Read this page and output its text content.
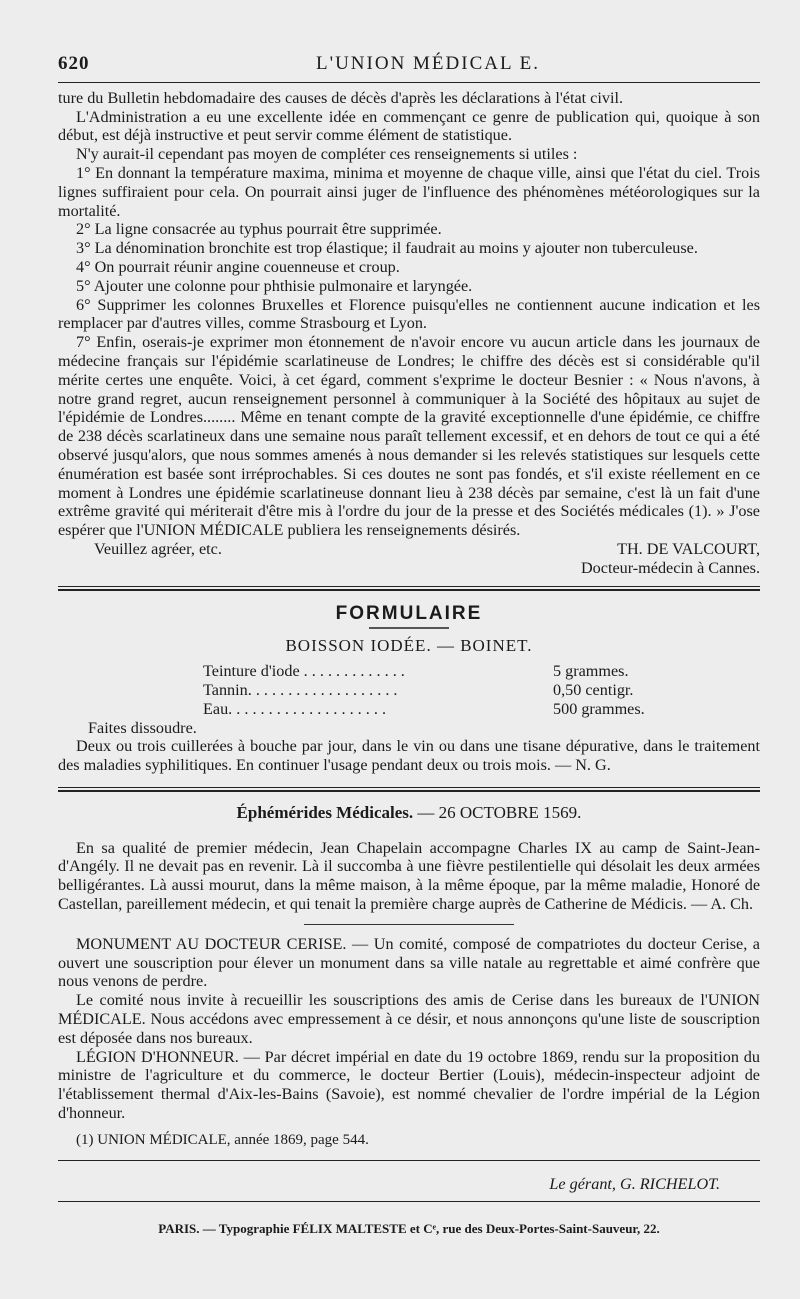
620	L'UNION MÉDICAL E.

ture du Bulletin hebdomadaire des causes de décès d'après les déclarations à l'état civil.

L'Administration a eu une excellente idée en commençant ce genre de publication qui, quoique à son début, est déjà instructive et peut servir comme élément de statistique.

N'y aurait-il cependant pas moyen de compléter ces renseignements si utiles :

1° En donnant la température maxima, minima et moyenne de chaque ville, ainsi que l'état du ciel. Trois lignes suffiraient pour cela. On pourrait ainsi juger de l'influence des phénomènes météorologiques sur la mortalité.

2° La ligne consacrée au typhus pourrait être supprimée.

3° La dénomination bronchite est trop élastique; il faudrait au moins y ajouter non tuberculeuse.

4° On pourrait réunir angine couenneuse et croup.

5° Ajouter une colonne pour phthisie pulmonaire et laryngée.

6° Supprimer les colonnes Bruxelles et Florence puisqu'elles ne contiennent aucune indication et les remplacer par d'autres villes, comme Strasbourg et Lyon.

7° Enfin, oserais-je exprimer mon étonnement de n'avoir encore vu aucun article dans les journaux de médecine français sur l'épidémie scarlatineuse de Londres; le chiffre des décès est si considérable qu'il mérite certes une enquête. Voici, à cet égard, comment s'exprime le docteur Besnier : « Nous n'avons, à notre grand regret, aucun renseignement personnel à communiquer à la Société des hôpitaux au sujet de l'épidémie de Londres........ Même en tenant compte de la gravité exceptionnelle d'une épidémie, ce chiffre de 238 décès scarlatineux dans une semaine nous paraît tellement excessif, et en dehors de tout ce qui a été observé jusqu'alors, que nous sommes amenés à nous demander si les relevés statistiques sur lesquels cette énumération est basée sont irréprochables. Si ces doutes ne sont pas fondés, et s'il existe réellement en ce moment à Londres une épidémie scarlatineuse donnant lieu à 238 décès par semaine, c'est là un fait d'une extrême gravité qui mériterait d'être mis à l'ordre du jour de la presse et des Sociétés médicales (1). » J'ose espérer que l'UNION MÉDICALE publiera les renseignements désirés.

Veuillez agréer, etc.	TH. DE VALCOURT,
Docteur-médecin à Cannes.
FORMULAIRE
BOISSON IODÉE. — BOINET.
Teinture d'iode . . . . . . . . . . . . .	5 grammes.
Tannin. . . . . . . . . . . . . . . . . . .	0,50 centigr.
Eau. . . . . . . . . . . . . . . . . . . .	500 grammes.

Faites dissoudre.

Deux ou trois cuillerées à bouche par jour, dans le vin ou dans une tisane dépurative, dans le traitement des maladies syphilitiques. En continuer l'usage pendant deux ou trois mois. — N. G.

Éphémérides Médicales. — 26 OCTOBRE 1569.

En sa qualité de premier médecin, Jean Chapelain accompagne Charles IX au camp de Saint-Jean-d'Angély. Il ne devait pas en revenir. Là il succomba à une fièvre pestilentielle qui désolait les deux armées belligérantes. Là aussi mourut, dans la même maison, à la même époque, par la même maladie, Honoré de Castellan, pareillement médecin, et qui tenait la première charge auprès de Catherine de Médicis. — A. Ch.

MONUMENT AU DOCTEUR CERISE. — Un comité, composé de compatriotes du docteur Cerise, a ouvert une souscription pour élever un monument dans sa ville natale au regrettable et aimé confrère que nous venons de perdre.

Le comité nous invite à recueillir les souscriptions des amis de Cerise dans les bureaux de l'UNION MÉDICALE. Nous accédons avec empressement à ce désir, et nous annonçons qu'une liste de souscription est déposée dans nos bureaux.

LÉGION D'HONNEUR. — Par décret impérial en date du 19 octobre 1869, rendu sur la proposition du ministre de l'agriculture et du commerce, le docteur Bertier (Louis), médecin-inspecteur adjoint de l'établissement thermal d'Aix-les-Bains (Savoie), est nommé chevalier de l'ordre impérial de la Légion d'honneur.

(1) UNION MÉDICALE, année 1869, page 544.

Le gérant, G. RICHELOT.
PARIS. — Typographie FÉLIX MALTESTE et Cᵉ, rue des Deux-Portes-Saint-Sauveur, 22.
